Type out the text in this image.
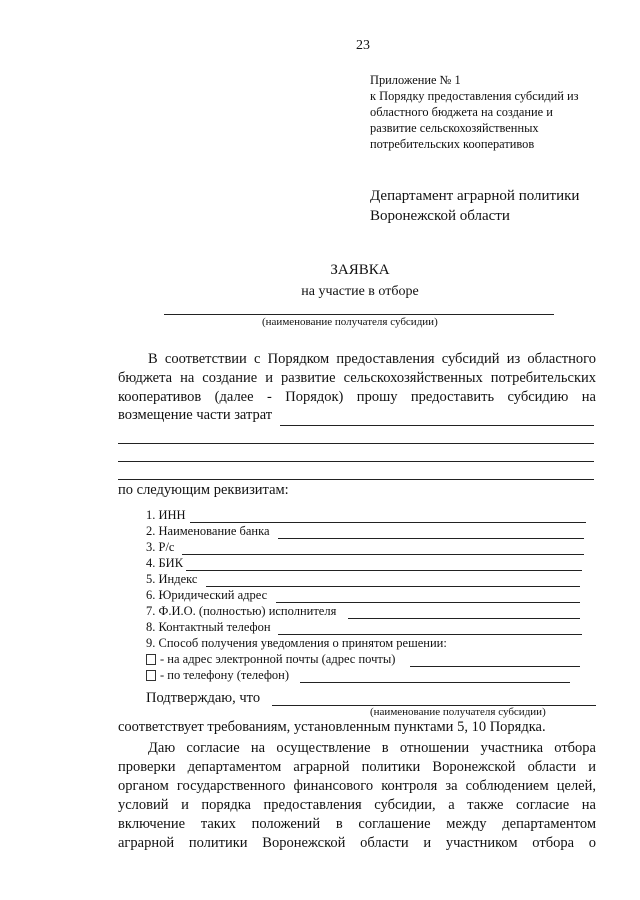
23
Приложение № 1
к Порядку предоставления субсидий из
областного бюджета на создание и
развитие сельскохозяйственных
потребительских кооперативов
Департамент аграрной политики
Воронежской области
ЗАЯВКА
на участие в отборе
(наименование получателя субсидии)
В соответствии с Порядком предоставления субсидий из областного
бюджета на создание и развитие сельскохозяйственных потребительских
кооперативов (далее - Порядок) прошу предоставить субсидию на
возмещение части затрат
по следующим реквизитам:
1. ИНН
2. Наименование банка
3. Р/с
4. БИК
5. Индекс
6. Юридический адрес
7. Ф.И.О. (полностью) исполнителя
8. Контактный телефон
9. Способ получения уведомления о принятом решении:
- на адрес электронной почты (адрес почты)
- по телефону (телефон)
Подтверждаю, что
(наименование получателя субсидии)
соответствует требованиям, установленным пунктами 5, 10 Порядка.
Даю согласие на осуществление в отношении участника отбора
проверки департаментом аграрной политики Воронежской области и
органом государственного финансового контроля за соблюдением целей,
условий и порядка предоставления субсидии, а также согласие на
включение таких положений в соглашение между департаментом
аграрной политики Воронежской области и участником отбора о
